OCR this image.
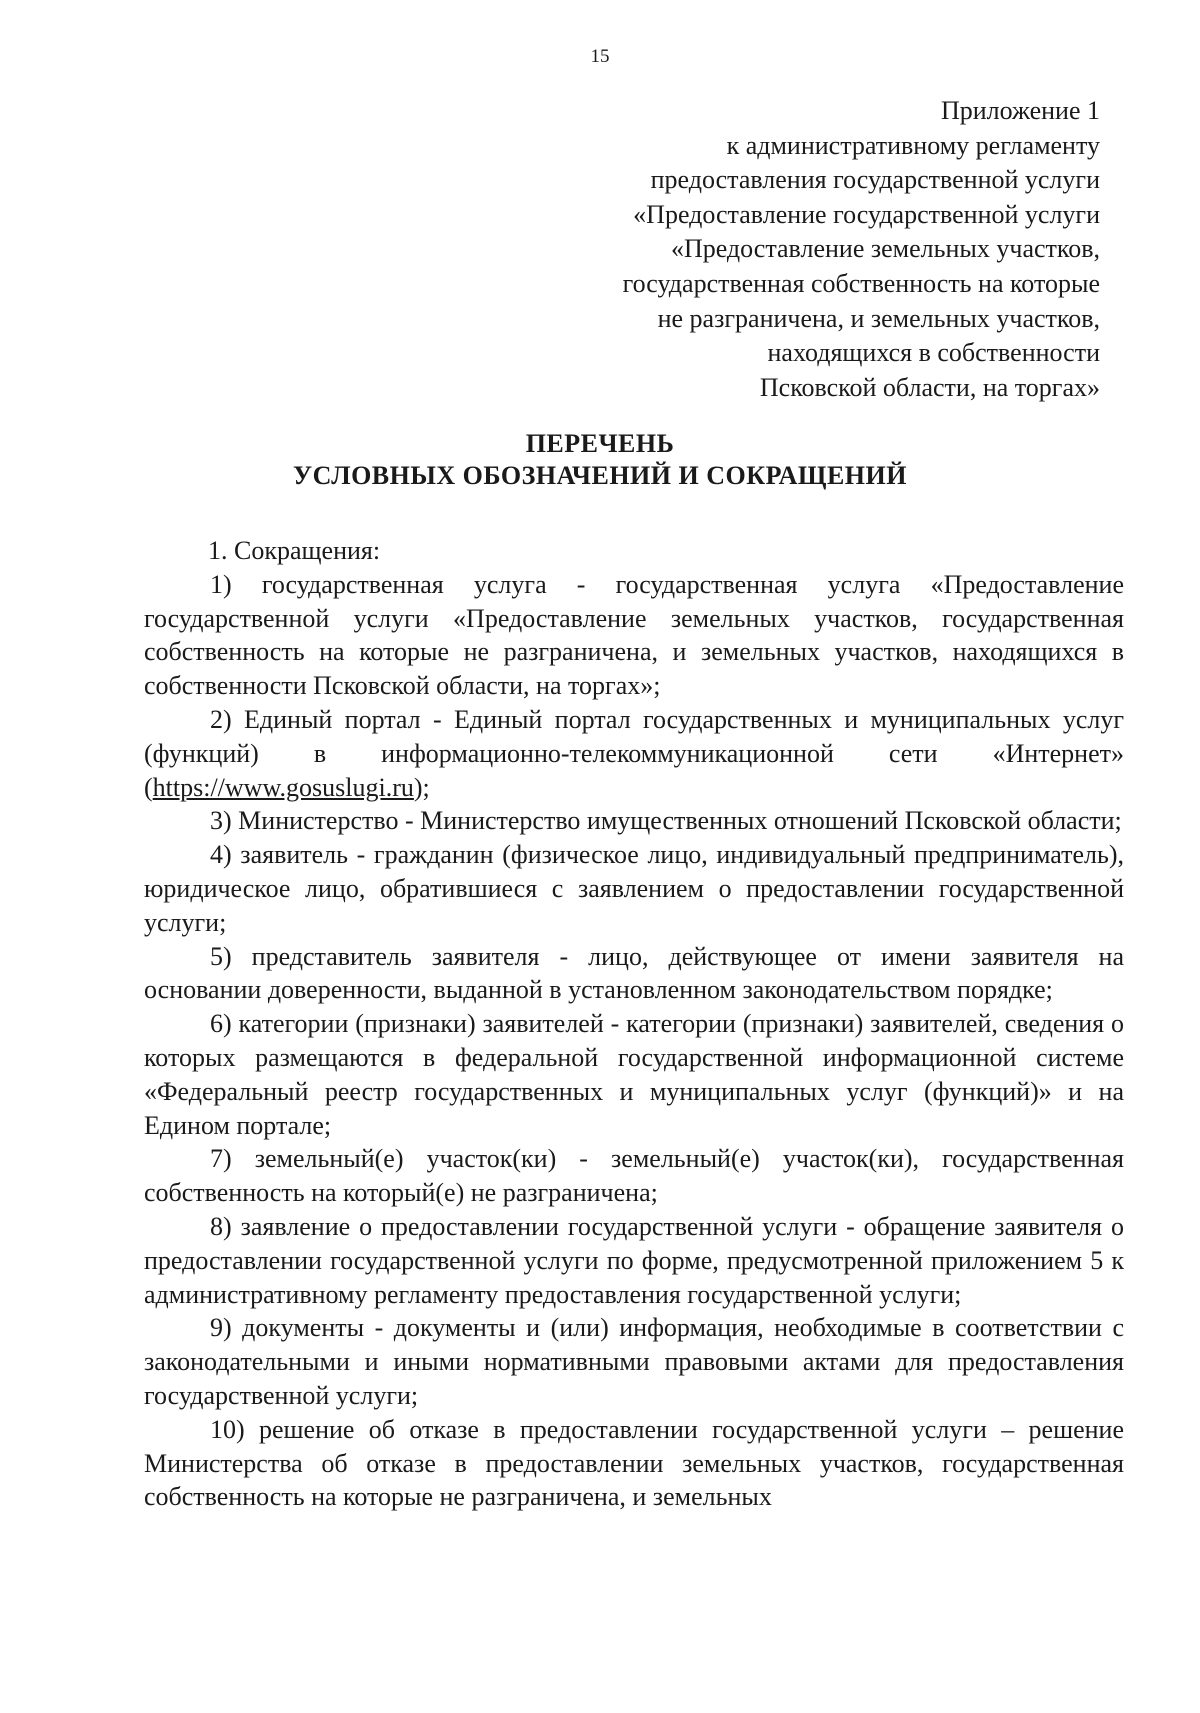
15
Приложение 1
к административному регламенту
предоставления государственной услуги
«Предоставление государственной услуги
«Предоставление земельных участков,
государственная собственность на которые
не разграничена, и земельных участков,
находящихся в собственности
Псковской области, на торгах»
ПЕРЕЧЕНЬ
УСЛОВНЫХ ОБОЗНАЧЕНИЙ И СОКРАЩЕНИЙ

1. Сокращения:

1) государственная услуга - государственная услуга «Предоставление государственной услуги «Предоставление земельных участков, государственная собственность на которые не разграничена, и земельных участков, находящихся в собственности Псковской области, на торгах»;

2) Единый портал - Единый портал государственных и муниципальных услуг (функций) в информационно-телекоммуникационной сети «Интернет» (https://www.gosuslugi.ru);

3) Министерство - Министерство имущественных отношений Псковской области;

4) заявитель - гражданин (физическое лицо, индивидуальный предприниматель), юридическое лицо, обратившиеся с заявлением о предоставлении государственной услуги;

5) представитель заявителя - лицо, действующее от имени заявителя на основании доверенности, выданной в установленном законодательством порядке;

6) категории (признаки) заявителей - категории (признаки) заявителей, сведения о которых размещаются в федеральной государственной информационной системе «Федеральный реестр государственных и муниципальных услуг (функций)» и на Едином портале;

7) земельный(е) участок(ки) - земельный(е) участок(ки), государственная собственность на который(е) не разграничена;

8) заявление о предоставлении государственной услуги - обращение заявителя о предоставлении государственной услуги по форме, предусмотренной приложением 5 к административному регламенту предоставления государственной услуги;

9) документы - документы и (или) информация, необходимые в соответствии с законодательными и иными нормативными правовыми актами для предоставления государственной услуги;

10) решение об отказе в предоставлении государственной услуги – решение Министерства об отказе в предоставлении земельных участков, государственная собственность на которые не разграничена, и земельных
